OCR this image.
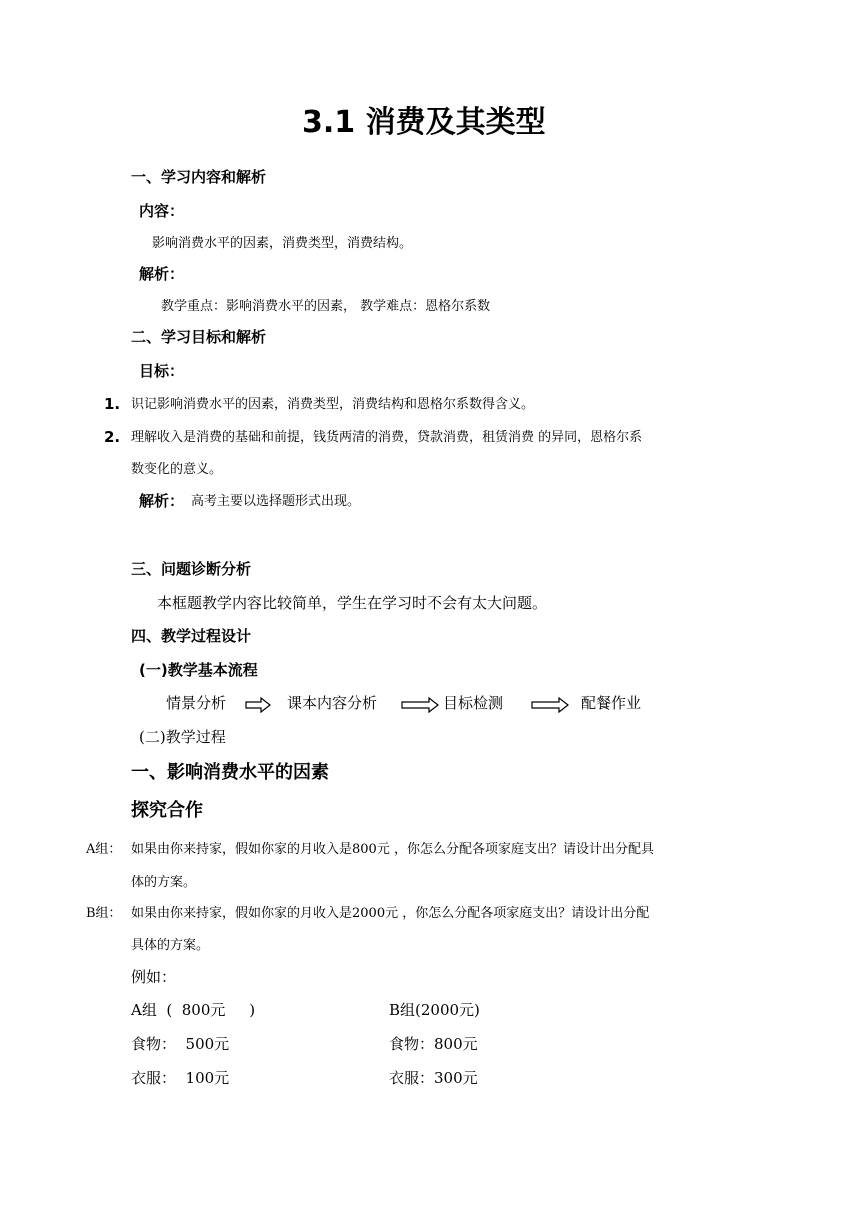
3.1 消费及其类型
一、学习内容和解析
内容：
影响消费水平的因素，消费类型，消费结构。
解析：
教学重点：影响消费水平的因素， 教学难点：恩格尔系数
二、学习目标和解析
目标：
1. 识记影响消费水平的因素，消费类型，消费结构和恩格尔系数得含义。
2. 理解收入是消费的基础和前提，钱货两清的消费，贷款消费，租赁消费 的异同，恩格尔系
数变化的意义。
解析： 高考主要以选择题形式出现。
三、问题诊断分析
本框题教学内容比较简单，学生在学习时不会有太大问题。
四、教学过程设计
(一)教学基本流程
情景分析	课本内容分析	目标检测	配餐作业
(二)教学过程
一、影响消费水平的因素
探究合作
A组： 如果由你来持家，假如你家的月收入是800元 ，你怎么分配各项家庭支出？请设计出分配具
体的方案。
B组： 如果由你来持家，假如你家的月收入是2000元 ，你怎么分配各项家庭支出？请设计出分配
具体的方案。
例如：
A组  (  800元     )	B组(2000元)
食物：  500元	食物：800元
衣服：  100元	衣服：300元
